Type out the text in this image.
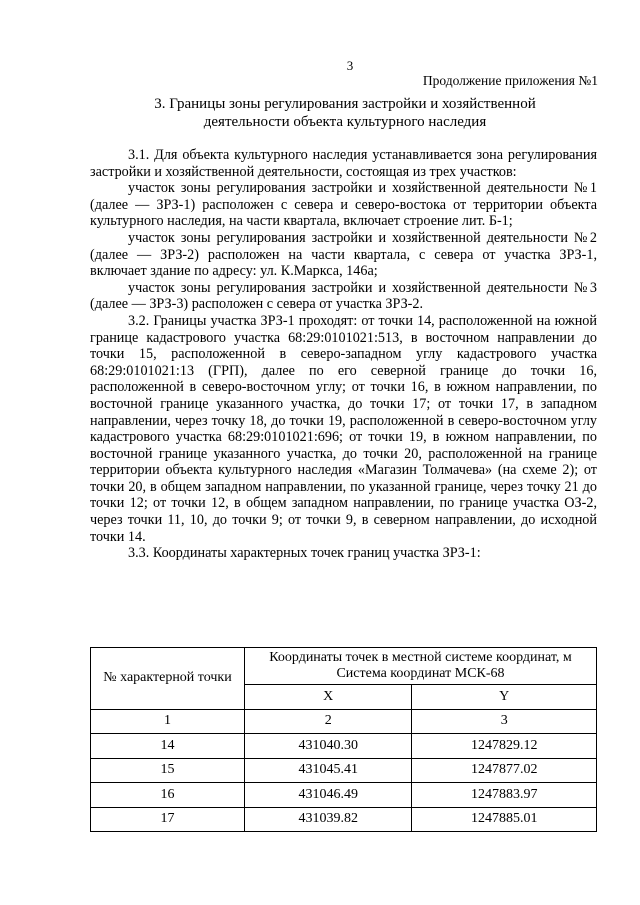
3
Продолжение приложения №1
3. Границы зоны регулирования застройки и хозяйственной
деятельности объекта культурного наследия

3.1. Для объекта культурного наследия устанавливается зона регулирования застройки и хозяйственной деятельности, состоящая из трех участков:

участок зоны регулирования застройки и хозяйственной деятельности №1 (далее — ЗРЗ-1) расположен с севера и северо-востока от территории объекта культурного наследия, на части квартала, включает строение лит. Б-1;

участок зоны регулирования застройки и хозяйственной деятельности №2 (далее — ЗРЗ-2) расположен на части квартала, с севера от участка ЗРЗ-1, включает здание по адресу: ул. К.Маркса, 146а;

участок зоны регулирования застройки и хозяйственной деятельности №3 (далее — ЗРЗ-3) расположен с севера от участка ЗРЗ-2.

3.2. Границы участка ЗРЗ-1 проходят: от точки 14, расположенной на южной границе кадастрового участка 68:29:0101021:513, в восточном направлении до точки 15, расположенной в северо-западном углу кадастрового участка 68:29:0101021:13 (ГРП), далее по его северной границе до точки 16, расположенной в северо-восточном углу; от точки 16, в южном направлении, по восточной границе указанного участка, до точки 17; от точки 17, в западном направлении, через точку 18, до точки 19, расположенной в северо-восточном углу кадастрового участка 68:29:0101021:696; от точки 19, в южном направлении, по восточной границе указанного участка, до точки 20, расположенной на границе территории объекта культурного наследия «Магазин Толмачева» (на схеме 2); от точки 20, в общем западном направлении, по указанной границе, через точку 21 до точки 12; от точки 12, в общем западном направлении, по границе участка ОЗ-2, через точки 11, 10, до точки 9; от точки 9, в северном направлении, до исходной точки 14.

3.3. Координаты характерных точек границ участка ЗРЗ-1:

№ характерной точки	Координаты точек в местной системе координат, м
Система координат МСК-68	

	X	Y
1	2	3
14	431040.30	1247829.12
15	431045.41	1247877.02
16	431046.49	1247883.97
17	431039.82	1247885.01
